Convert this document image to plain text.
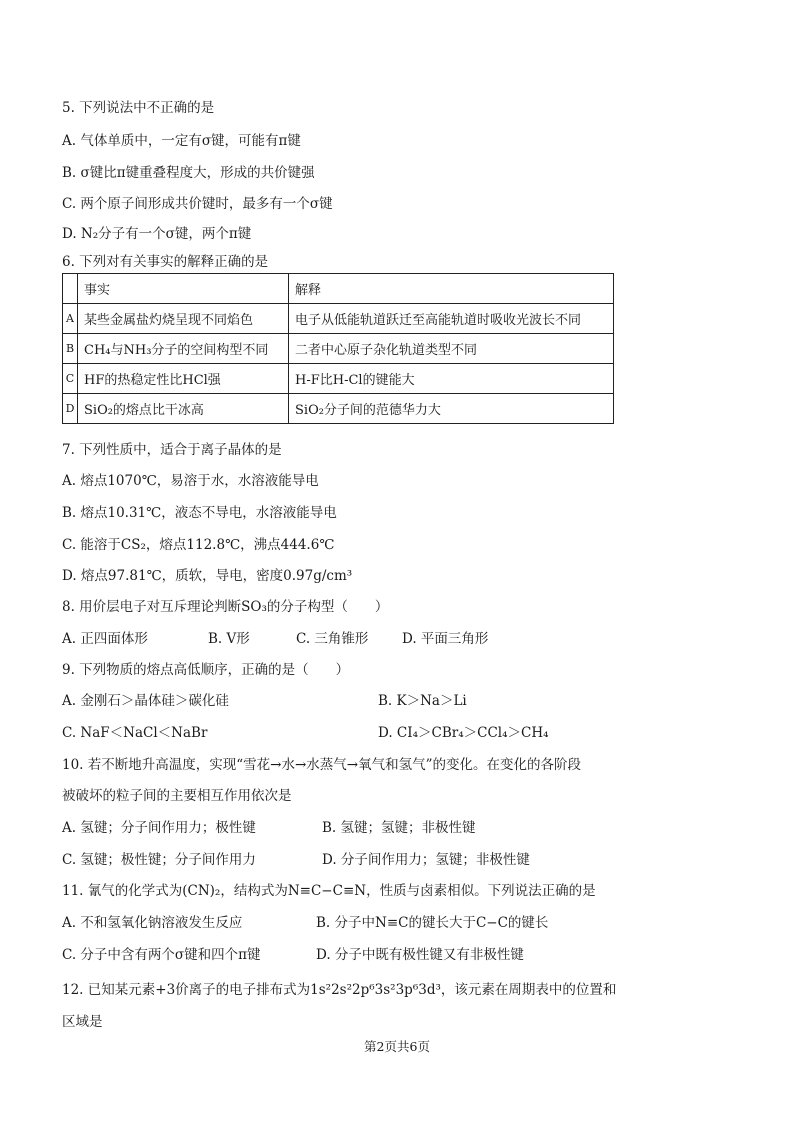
5. 下列说法中不正确的是
A. 气体单质中，一定有σ键，可能有π键
B. σ键比π键重叠程度大，形成的共价键强
C. 两个原子间形成共价键时，最多有一个σ键
D. N₂分子有一个σ键，两个π键
6. 下列对有关事实的解释正确的是
	事实	解释
A	某些金属盐灼烧呈现不同焰色	电子从低能轨道跃迁至高能轨道时吸收光波长不同
B	CH₄与NH₃分子的空间构型不同	二者中心原子杂化轨道类型不同
C	HF的热稳定性比HCl强	H-F比H-Cl的键能大
D	SiO₂的熔点比干冰高	SiO₂分子间的范德华力大
7. 下列性质中，适合于离子晶体的是
A. 熔点1070℃，易溶于水，水溶液能导电
B. 熔点10.31℃，液态不导电，水溶液能导电
C. 能溶于CS₂，熔点112.8℃，沸点444.6℃
D. 熔点97.81℃，质软，导电，密度0.97g/cm³
8. 用价层电子对互斥理论判断SO₃的分子构型（　　）
A. 正四面体形	B. V形	C. 三角锥形 D. 平面三角形
9. 下列物质的熔点高低顺序，正确的是（　　）
A. 金刚石＞晶体硅＞碳化硅	B. K＞Na＞Li
C. NaF＜NaCl＜NaBr	D. CI₄＞CBr₄＞CCl₄＞CH₄
10. 若不断地升高温度，实现“雪花→水→水蒸气→氧气和氢气”的变化。在变化的各阶段
被破坏的粒子间的主要相互作用依次是
A. 氢键；分子间作用力；极性键	B. 氢键；氢键；非极性键
C. 氢键；极性键；分子间作用力	D. 分子间作用力；氢键；非极性键
11. 氰气的化学式为(CN)₂，结构式为N≡C−C≡N，性质与卤素相似。下列说法正确的是
A. 不和氢氧化钠溶液发生反应	B. 分子中N≡C的键长大于C−C的键长
C. 分子中含有两个σ键和四个π键	D. 分子中既有极性键又有非极性键
12. 已知某元素+3价离子的电子排布式为1s²2s²2p⁶3s²3p⁶3d³，该元素在周期表中的位置和
区域是
第2页共6页
